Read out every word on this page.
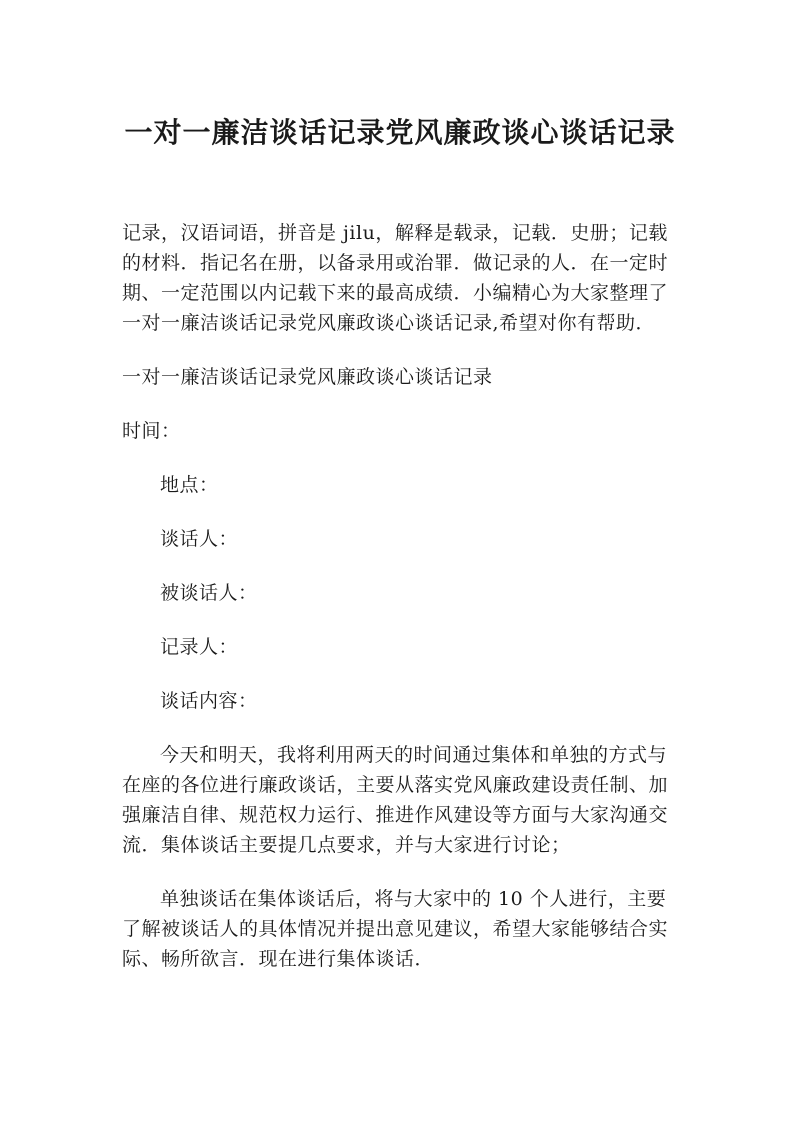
一对一廉洁谈话记录党风廉政谈心谈话记录

记录，汉语词语，拼音是 jilu，解释是载录，记载．史册；记载的材料．指记名在册，以备录用或治罪．做记录的人．在一定时期、一定范围以内记载下来的最高成绩．小编精心为大家整理了一对一廉洁谈话记录党风廉政谈心谈话记录,希望对你有帮助．

一对一廉洁谈话记录党风廉政谈心谈话记录

时间：

地点：

谈话人：

被谈话人：

记录人：

谈话内容：

今天和明天，我将利用两天的时间通过集体和单独的方式与在座的各位进行廉政谈话，主要从落实党风廉政建设责任制、加强廉洁自律、规范权力运行、推进作风建设等方面与大家沟通交流．集体谈话主要提几点要求，并与大家进行讨论；

单独谈话在集体谈话后，将与大家中的 10 个人进行，主要了解被谈话人的具体情况并提出意见建议，希望大家能够结合实际、畅所欲言．现在进行集体谈话．
